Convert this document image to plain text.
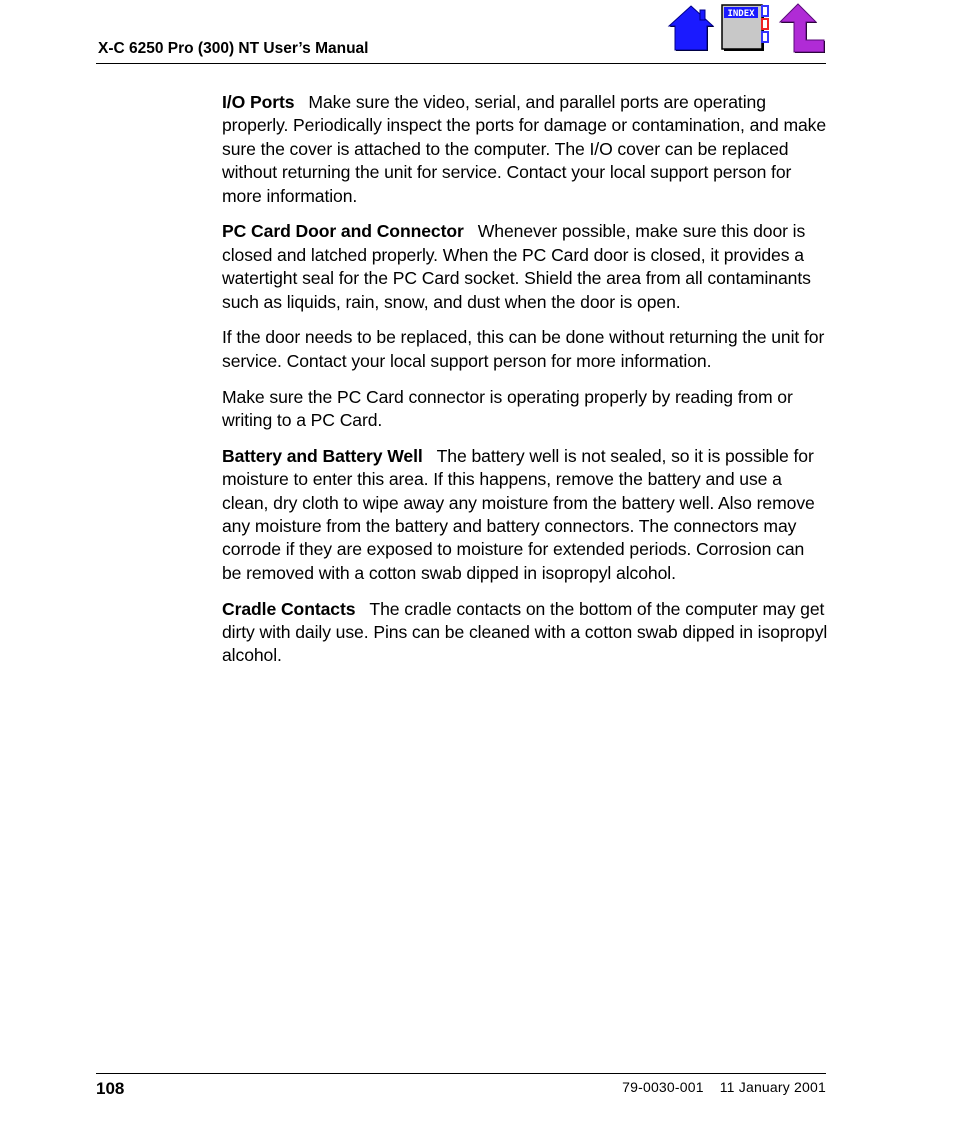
X-C 6250 Pro (300) NT User’s Manual
INDEX

I/O Ports Make sure the video, serial, and parallel ports are operating properly. Periodically inspect the ports for damage or contamination, and make sure the cover is attached to the computer. The I/O cover can be replaced without returning the unit for service. Contact your local support person for more information.

PC Card Door and Connector Whenever possible, make sure this door is closed and latched properly. When the PC Card door is closed, it provides a watertight seal for the PC Card socket. Shield the area from all contaminants such as liquids, rain, snow, and dust when the door is open.

If the door needs to be replaced, this can be done without returning the unit for service. Contact your local support person for more information.

Make sure the PC Card connector is operating properly by reading from or writing to a PC Card.

Battery and Battery Well The battery well is not sealed, so it is possible for moisture to enter this area. If this happens, remove the battery and use a clean, dry cloth to wipe away any moisture from the battery well. Also remove any moisture from the battery and battery connectors. The connectors may corrode if they are exposed to moisture for extended periods. Corrosion can be removed with a cotton swab dipped in isopropyl alcohol.

Cradle Contacts The cradle contacts on the bottom of the computer may get dirty with daily use. Pins can be cleaned with a cotton swab dipped in isopropyl alcohol.

108	79-0030-001 11 January 2001
